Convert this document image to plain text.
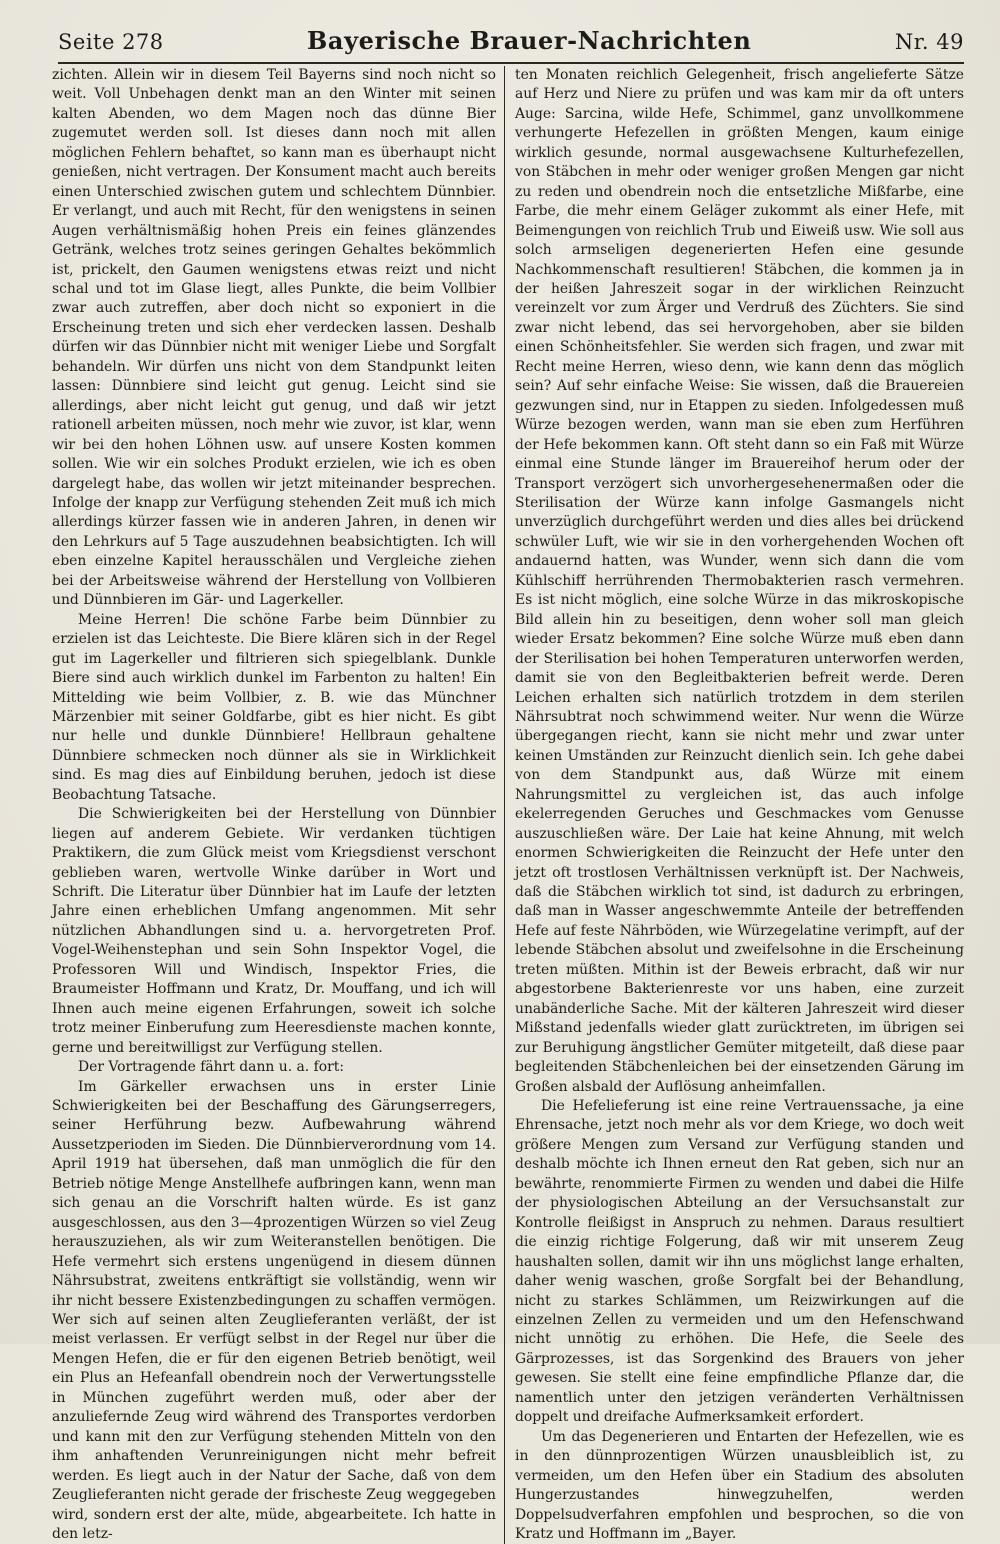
Seite 278	Bayerische Brauer-Nachrichten	Nr. 49

zichten. Allein wir in diesem Teil Bayerns sind noch nicht so weit. Voll Unbehagen denkt man an den Winter mit seinen kalten Abenden, wo dem Magen noch das dünne Bier zugemutet werden soll. Ist dieses dann noch mit allen möglichen Fehlern behaftet, so kann man es überhaupt nicht genießen, nicht vertragen. Der Konsument macht auch bereits einen Unterschied zwischen gutem und schlechtem Dünnbier. Er verlangt, und auch mit Recht, für den wenigstens in seinen Augen verhältnismäßig hohen Preis ein feines glänzendes Getränk, welches trotz seines geringen Gehaltes bekömmlich ist, prickelt, den Gaumen wenigstens etwas reizt und nicht schal und tot im Glase liegt, alles Punkte, die beim Vollbier zwar auch zutreffen, aber doch nicht so exponiert in die Erscheinung treten und sich eher verdecken lassen. Deshalb dürfen wir das Dünnbier nicht mit weniger Liebe und Sorgfalt behandeln. Wir dürfen uns nicht von dem Standpunkt leiten lassen: Dünnbiere sind leicht gut genug. Leicht sind sie allerdings, aber nicht leicht gut genug, und daß wir jetzt rationell arbeiten müssen, noch mehr wie zuvor, ist klar, wenn wir bei den hohen Löhnen usw. auf unsere Kosten kommen sollen. Wie wir ein solches Produkt erzielen, wie ich es oben dargelegt habe, das wollen wir jetzt miteinander besprechen. Infolge der knapp zur Verfügung stehenden Zeit muß ich mich allerdings kürzer fassen wie in anderen Jahren, in denen wir den Lehrkurs auf 5 Tage auszudehnen beabsichtigten. Ich will eben einzelne Kapitel herausschälen und Vergleiche ziehen bei der Arbeitsweise während der Herstellung von Vollbieren und Dünnbieren im Gär- und Lagerkeller.

Meine Herren! Die schöne Farbe beim Dünnbier zu erzielen ist das Leichteste. Die Biere klären sich in der Regel gut im Lagerkeller und filtrieren sich spiegelblank. Dunkle Biere sind auch wirklich dunkel im Farbenton zu halten! Ein Mittelding wie beim Vollbier, z. B. wie das Münchner Märzenbier mit seiner Goldfarbe, gibt es hier nicht. Es gibt nur helle und dunkle Dünnbiere! Hellbraun gehaltene Dünnbiere schmecken noch dünner als sie in Wirklichkeit sind. Es mag dies auf Einbildung beruhen, jedoch ist diese Beobachtung Tatsache.

Die Schwierigkeiten bei der Herstellung von Dünnbier liegen auf anderem Gebiete. Wir verdanken tüchtigen Praktikern, die zum Glück meist vom Kriegsdienst verschont geblieben waren, wertvolle Winke darüber in Wort und Schrift. Die Literatur über Dünnbier hat im Laufe der letzten Jahre einen erheblichen Umfang angenommen. Mit sehr nützlichen Abhandlungen sind u. a. hervorgetreten Prof. Vogel-Weihenstephan und sein Sohn Inspektor Vogel, die Professoren Will und Windisch, Inspektor Fries, die Braumeister Hoffmann und Kratz, Dr. Mouffang, und ich will Ihnen auch meine eigenen Erfahrungen, soweit ich solche trotz meiner Einberufung zum Heeresdienste machen konnte, gerne und bereitwilligst zur Verfügung stellen.

Der Vortragende fährt dann u. a. fort:

Im Gärkeller erwachsen uns in erster Linie Schwierigkeiten bei der Beschaffung des Gärungserregers, seiner Herführung bezw. Aufbewahrung während Aussetzperioden im Sieden. Die Dünnbierverordnung vom 14. April 1919 hat übersehen, daß man unmöglich die für den Betrieb nötige Menge Anstellhefe aufbringen kann, wenn man sich genau an die Vorschrift halten würde. Es ist ganz ausgeschlossen, aus den 3—4prozentigen Würzen so viel Zeug herauszuziehen, als wir zum Weiteranstellen benötigen. Die Hefe vermehrt sich erstens ungenügend in diesem dünnen Nährsubstrat, zweitens entkräftigt sie vollständig, wenn wir ihr nicht bessere Existenzbedingungen zu schaffen vermögen. Wer sich auf seinen alten Zeuglieferanten verläßt, der ist meist verlassen. Er verfügt selbst in der Regel nur über die Mengen Hefen, die er für den eigenen Betrieb benötigt, weil ein Plus an Hefeanfall obendrein noch der Verwertungsstelle in München zugeführt werden muß, oder aber der anzuliefernde Zeug wird während des Transportes verdorben und kann mit den zur Verfügung stehenden Mitteln von den ihm anhaftenden Verunreinigungen nicht mehr befreit werden. Es liegt auch in der Natur der Sache, daß von dem Zeuglieferanten nicht gerade der frischeste Zeug weggegeben wird, sondern erst der alte, müde, abgearbeitete. Ich hatte in den letz-

ten Monaten reichlich Gelegenheit, frisch angelieferte Sätze auf Herz und Niere zu prüfen und was kam mir da oft unters Auge: Sarcina, wilde Hefe, Schimmel, ganz unvollkommene verhungerte Hefezellen in größten Mengen, kaum einige wirklich gesunde, normal ausgewachsene Kulturhefezellen, von Stäbchen in mehr oder weniger großen Mengen gar nicht zu reden und obendrein noch die entsetzliche Mißfarbe, eine Farbe, die mehr einem Geläger zukommt als einer Hefe, mit Beimengungen von reichlich Trub und Eiweiß usw. Wie soll aus solch armseligen degenerierten Hefen eine gesunde Nachkommenschaft resultieren! Stäbchen, die kommen ja in der heißen Jahreszeit sogar in der wirklichen Reinzucht vereinzelt vor zum Ärger und Verdruß des Züchters. Sie sind zwar nicht lebend, das sei hervorgehoben, aber sie bilden einen Schönheitsfehler. Sie werden sich fragen, und zwar mit Recht meine Herren, wieso denn, wie kann denn das möglich sein? Auf sehr einfache Weise: Sie wissen, daß die Brauereien gezwungen sind, nur in Etappen zu sieden. Infolgedessen muß Würze bezogen werden, wann man sie eben zum Herführen der Hefe bekommen kann. Oft steht dann so ein Faß mit Würze einmal eine Stunde länger im Brauereihof herum oder der Transport verzögert sich unvorhergesehenermaßen oder die Sterilisation der Würze kann infolge Gasmangels nicht unverzüglich durchgeführt werden und dies alles bei drückend schwüler Luft, wie wir sie in den vorhergehenden Wochen oft andauernd hatten, was Wunder, wenn sich dann die vom Kühlschiff herrührenden Thermobakterien rasch vermehren. Es ist nicht möglich, eine solche Würze in das mikroskopische Bild allein hin zu beseitigen, denn woher soll man gleich wieder Ersatz bekommen? Eine solche Würze muß eben dann der Sterilisation bei hohen Temperaturen unterworfen werden, damit sie von den Begleitbakterien befreit werde. Deren Leichen erhalten sich natürlich trotzdem in dem sterilen Nährsubtrat noch schwimmend weiter. Nur wenn die Würze übergegangen riecht, kann sie nicht mehr und zwar unter keinen Umständen zur Reinzucht dienlich sein. Ich gehe dabei von dem Standpunkt aus, daß Würze mit einem Nahrungsmittel zu vergleichen ist, das auch infolge ekelerregenden Geruches und Geschmackes vom Genusse auszuschließen wäre. Der Laie hat keine Ahnung, mit welch enormen Schwierigkeiten die Reinzucht der Hefe unter den jetzt oft trostlosen Verhältnissen verknüpft ist. Der Nachweis, daß die Stäbchen wirklich tot sind, ist dadurch zu erbringen, daß man in Wasser angeschwemmte Anteile der betreffenden Hefe auf feste Nährböden, wie Würzegelatine verimpft, auf der lebende Stäbchen absolut und zweifelsohne in die Erscheinung treten müßten. Mithin ist der Beweis erbracht, daß wir nur abgestorbene Bakterienreste vor uns haben, eine zurzeit unabänderliche Sache. Mit der kälteren Jahreszeit wird dieser Mißstand jedenfalls wieder glatt zurücktreten, im übrigen sei zur Beruhigung ängstlicher Gemüter mitgeteilt, daß diese paar begleitenden Stäbchenleichen bei der einsetzenden Gärung im Großen alsbald der Auflösung anheimfallen.

Die Hefelieferung ist eine reine Vertrauenssache, ja eine Ehrensache, jetzt noch mehr als vor dem Kriege, wo doch weit größere Mengen zum Versand zur Verfügung standen und deshalb möchte ich Ihnen erneut den Rat geben, sich nur an bewährte, renommierte Firmen zu wenden und dabei die Hilfe der physiologischen Abteilung an der Versuchsanstalt zur Kontrolle fleißigst in Anspruch zu nehmen. Daraus resultiert die einzig richtige Folgerung, daß wir mit unserem Zeug haushalten sollen, damit wir ihn uns möglichst lange erhalten, daher wenig waschen, große Sorgfalt bei der Behandlung, nicht zu starkes Schlämmen, um Reizwirkungen auf die einzelnen Zellen zu vermeiden und um den Hefenschwand nicht unnötig zu erhöhen. Die Hefe, die Seele des Gärprozesses, ist das Sorgenkind des Brauers von jeher gewesen. Sie stellt eine feine empfindliche Pflanze dar, die namentlich unter den jetzigen veränderten Verhältnissen doppelt und dreifache Aufmerksamkeit erfordert.

Um das Degenerieren und Entarten der Hefezellen, wie es in den dünnprozentigen Würzen unausbleiblich ist, zu vermeiden, um den Hefen über ein Stadium des absoluten Hungerzustandes hinwegzuhelfen, werden Doppelsudverfahren empfohlen und besprochen, so die von Kratz und Hoffmann im „Bayer.
